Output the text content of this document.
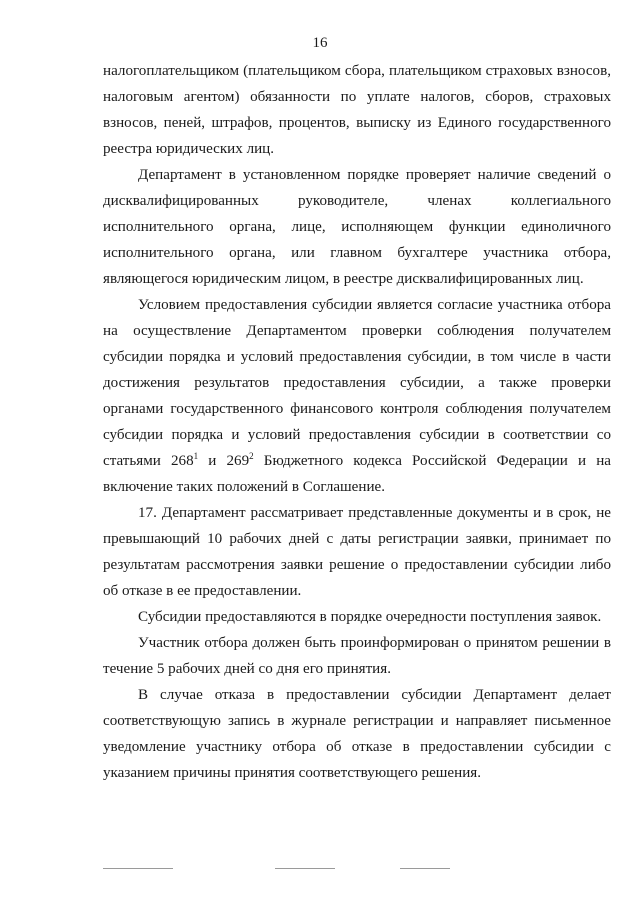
16

налогоплательщиком (плательщиком сбора, плательщиком страховых взносов, налоговым агентом) обязанности по уплате налогов, сборов, страховых взносов, пеней, штрафов, процентов, выписку из Единого государственного реестра юридических лиц.

Департамент в установленном порядке проверяет наличие сведений о дисквалифицированных руководителе, членах коллегиального исполнительного органа, лице, исполняющем функции единоличного исполнительного органа, или главном бухгалтере участника отбора, являющегося юридическим лицом, в реестре дисквалифицированных лиц.

Условием предоставления субсидии является согласие участника отбора на осуществление Департаментом проверки соблюдения получателем субсидии порядка и условий предоставления субсидии, в том числе в части достижения результатов предоставления субсидии, а также проверки органами государственного финансового контроля соблюдения получателем субсидии порядка и условий предоставления субсидии в соответствии со статьями $268^1$ и $269^2$ Бюджетного кодекса Российской Федерации и на включение таких положений в Соглашение.

17. Департамент рассматривает представленные документы и в срок, не превышающий 10 рабочих дней с даты регистрации заявки, принимает по результатам рассмотрения заявки решение о предоставлении субсидии либо об отказе в ее предоставлении.

Субсидии предоставляются в порядке очередности поступления заявок.

Участник отбора должен быть проинформирован о принятом решении в течение 5 рабочих дней со дня его принятия.

В случае отказа в предоставлении субсидии Департамент делает соответствующую запись в журнале регистрации и направляет письменное уведомление участнику отбора об отказе в предоставлении субсидии с указанием причины принятия соответствующего решения.
